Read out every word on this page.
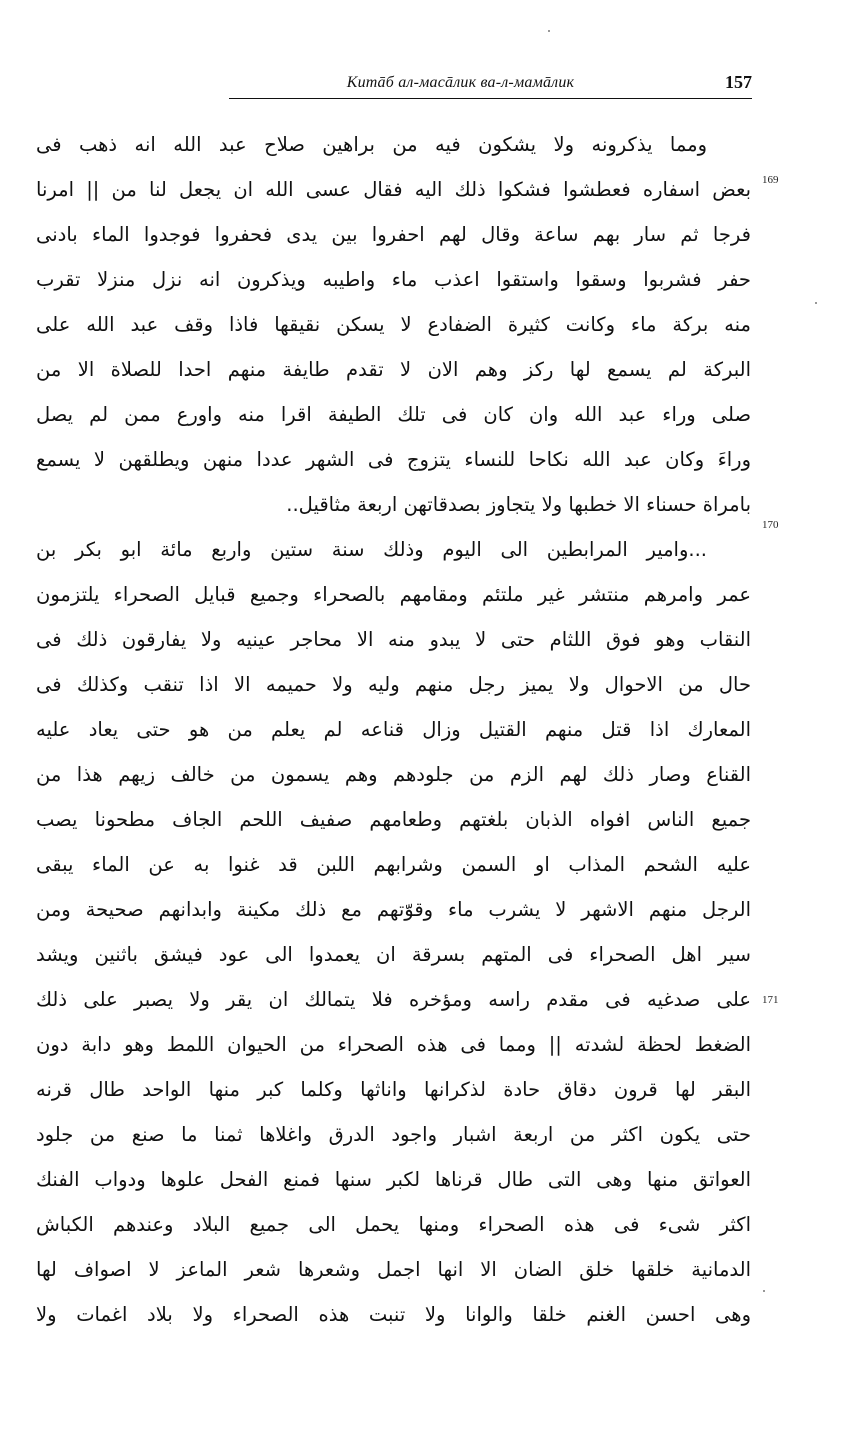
Kитāб ал-масāлик ва-л-мамāлик	157
169
170
171
ومما يذكرونه ولا يشكون فيه من براهين صلاح عبد الله انه ذهب فى
بعض اسفاره فعطشوا فشكوا ذلك اليه فقال عسى الله ان يجعل لنا من || امرنا
فرجا ثم سار بهم ساعة وقال لهم احفروا بين يدى فحفروا فوجدوا الماء بادنى
حفر فشربوا وسقوا واستقوا اعذب ماء واطيبه ويذكرون انه نزل منزلا تقرب
منه بركة ماء وكانت كثيرة الضفادع لا يسكن نقيقها فاذا وقف عبد الله على
البركة لم يسمع لها ركز وهم الان لا تقدم طايفة منهم احدا للصلاة الا من
صلى وراء عبد الله وان كان فى تلك الطيفة اقرا منه واورع ممن لم يصل
وراءَ وكان عبد الله نكاحا للنساء يتزوج فى الشهر عددا منهن ويطلقهن لا يسمع
بامراة حسناء الا خطبها ولا يتجاوز بصدقاتهن اربعة مثاقيل..
...وامير المرابطين الى اليوم وذلك سنة ستين واربع مائة ابو بكر بن
عمر وامرهم منتشر غير ملتئم ومقامهم بالصحراء وجميع قبايل الصحراء يلتزمون
النقاب وهو فوق اللثام حتى لا يبدو منه الا محاجر عينيه ولا يفارقون ذلك فى
حال من الاحوال ولا يميز رجل منهم وليه ولا حميمه الا اذا تنقب وكذلك فى
المعارك اذا قتل منهم القتيل وزال قناعه لم يعلم من هو حتى يعاد عليه
القناع وصار ذلك لهم الزم من جلودهم وهم يسمون من خالف زيهم هذا من
جميع الناس افواه الذبان بلغتهم وطعامهم صفيف اللحم الجاف مطحونا يصب
عليه الشحم المذاب او السمن وشرابهم اللبن قد غنوا به عن الماء يبقى
الرجل منهم الاشهر لا يشرب ماء وقوّتهم مع ذلك مكينة وابدانهم صحيحة ومن
سير اهل الصحراء فى المتهم بسرقة ان يعمدوا الى عود فيشق باثنين ويشد
على صدغيه فى مقدم راسه ومؤخره فلا يتمالك ان يقر ولا يصبر على ذلك
الضغط لحظة لشدته || ومما فى هذه الصحراء من الحيوان اللمط وهو دابة دون
البقر لها قرون دقاق حادة لذكرانها واناثها وكلما كبر منها الواحد طال قرنه
حتى يكون اكثر من اربعة اشبار واجود الدرق واغلاها ثمنا ما صنع من جلود
العواتق منها وهى التى طال قرناها لكبر سنها فمنع الفحل علوها ودواب الفنك
اكثر شىء فى هذه الصحراء ومنها يحمل الى جميع البلاد وعندهم الكباش
الدمانية خلقها خلق الضان الا انها اجمل وشعرها شعر الماعز لا اصواف لها
وهى احسن الغنم خلقا والوانا ولا تنبت هذه الصحراء ولا بلاد اغمات ولا
